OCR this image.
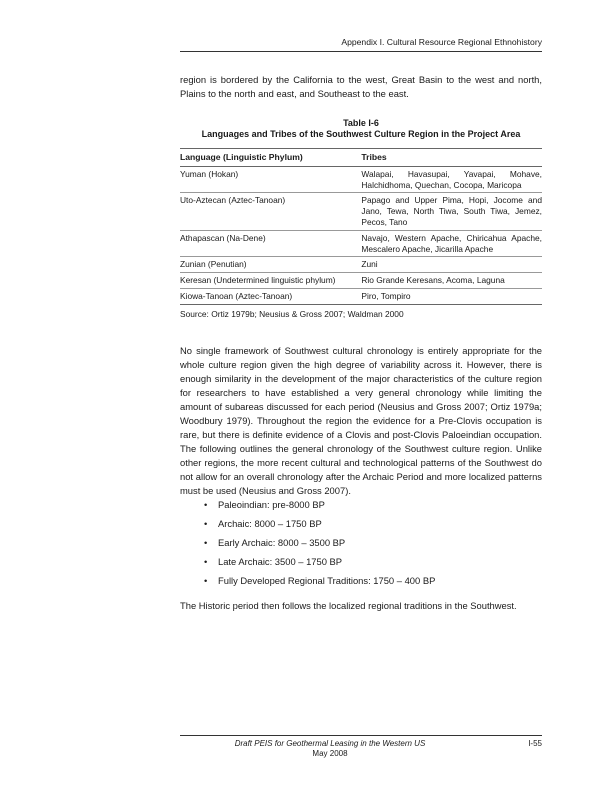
Appendix I. Cultural Resource Regional Ethnohistory

region is bordered by the California to the west, Great Basin to the west and north, Plains to the north and east, and Southeast to the east.

Table I-6
Languages and Tribes of the Southwest Culture Region in the Project Area
Language (Linguistic Phylum)	Tribes
Yuman (Hokan)	Walapai, Havasupai, Yavapai, Mohave, Halchidhoma, Quechan, Cocopa, Maricopa
Uto-Aztecan (Aztec-Tanoan)	Papago and Upper Pima, Hopi, Jocome and Jano, Tewa, North Tiwa, South Tiwa, Jemez, Pecos, Tano
Athapascan (Na-Dene)	Navajo, Western Apache, Chiricahua Apache, Mescalero Apache, Jicarilla Apache
Zunian (Penutian)	Zuni
Keresan (Undetermined linguistic phylum)	Rio Grande Keresans, Acoma, Laguna
Kiowa-Tanoan (Aztec-Tanoan)	Piro, Tompiro
Source: Ortiz 1979b; Neusius & Gross 2007; Waldman 2000

No single framework of Southwest cultural chronology is entirely appropriate for the whole culture region given the high degree of variability across it. However, there is enough similarity in the development of the major characteristics of the culture region for researchers to have established a very general chronology while limiting the amount of subareas discussed for each period (Neusius and Gross 2007; Ortiz 1979a; Woodbury 1979). Throughout the region the evidence for a Pre-Clovis occupation is rare, but there is definite evidence of a Clovis and post-Clovis Paloeindian occupation. The following outlines the general chronology of the Southwest culture region. Unlike other regions, the more recent cultural and technological patterns of the Southwest do not allow for an overall chronology after the Archaic Period and more localized patterns must be used (Neusius and Gross 2007).

• Paleoindian: pre-8000 BP
• Archaic: 8000 – 1750 BP
• Early Archaic: 8000 – 3500 BP
• Late Archaic: 3500 – 1750 BP
• Fully Developed Regional Traditions: 1750 – 400 BP

The Historic period then follows the localized regional traditions in the Southwest.

Draft PEIS for Geothermal Leasing in the Western US
May 2008
I-55
